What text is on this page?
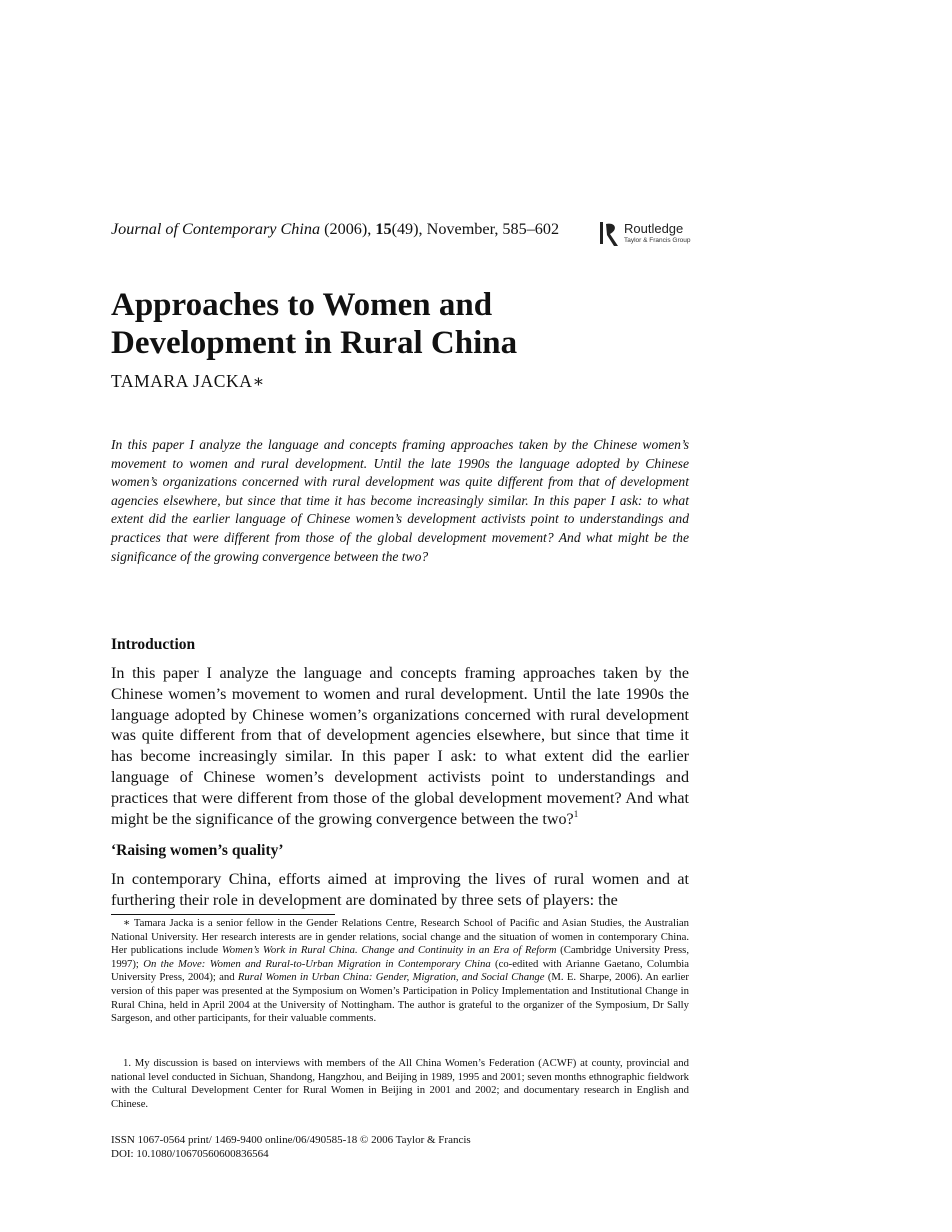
Journal of Contemporary China (2006), 15(49), November, 585–602	Routledge
Taylor & Francis Group
Approaches to Women and
Development in Rural China

TAMARA JACKA∗

In this paper I analyze the language and concepts framing approaches taken by the Chinese women’s movement to women and rural development. Until the late 1990s the language adopted by Chinese women’s organizations concerned with rural development was quite different from that of development agencies elsewhere, but since that time it has become increasingly similar. In this paper I ask: to what extent did the earlier language of Chinese women’s development activists point to understandings and practices that were different from those of the global development movement? And what might be the significance of the growing convergence between the two?

Introduction

In this paper I analyze the language and concepts framing approaches taken by the Chinese women’s movement to women and rural development. Until the late 1990s the language adopted by Chinese women’s organizations concerned with rural development was quite different from that of development agencies elsewhere, but since that time it has become increasingly similar. In this paper I ask: to what extent did the earlier language of Chinese women’s development activists point to understandings and practices that were different from those of the global development movement? And what might be the significance of the growing convergence between the two?$^1$

‘Raising women’s quality’

In contemporary China, efforts aimed at improving the lives of rural women and at furthering their role in development are dominated by three sets of players: the

∗ Tamara Jacka is a senior fellow in the Gender Relations Centre, Research School of Pacific and Asian Studies, the Australian National University. Her research interests are in gender relations, social change and the situation of women in contemporary China. Her publications include Women’s Work in Rural China. Change and Continuity in an Era of Reform (Cambridge University Press, 1997); On the Move: Women and Rural-to-Urban Migration in Contemporary China (co-edited with Arianne Gaetano, Columbia University Press, 2004); and Rural Women in Urban China: Gender, Migration, and Social Change (M. E. Sharpe, 2006). An earlier version of this paper was presented at the Symposium on Women’s Participation in Policy Implementation and Institutional Change in Rural China, held in April 2004 at the University of Nottingham. The author is grateful to the organizer of the Symposium, Dr Sally Sargeson, and other participants, for their valuable comments.

1. My discussion is based on interviews with members of the All China Women’s Federation (ACWF) at county, provincial and national level conducted in Sichuan, Shandong, Hangzhou, and Beijing in 1989, 1995 and 2001; seven months ethnographic fieldwork with the Cultural Development Center for Rural Women in Beijing in 2001 and 2002; and documentary research in English and Chinese.

ISSN 1067-0564 print/ 1469-9400 online/06/490585-18 © 2006 Taylor & Francis
DOI: 10.1080/10670560600836564
